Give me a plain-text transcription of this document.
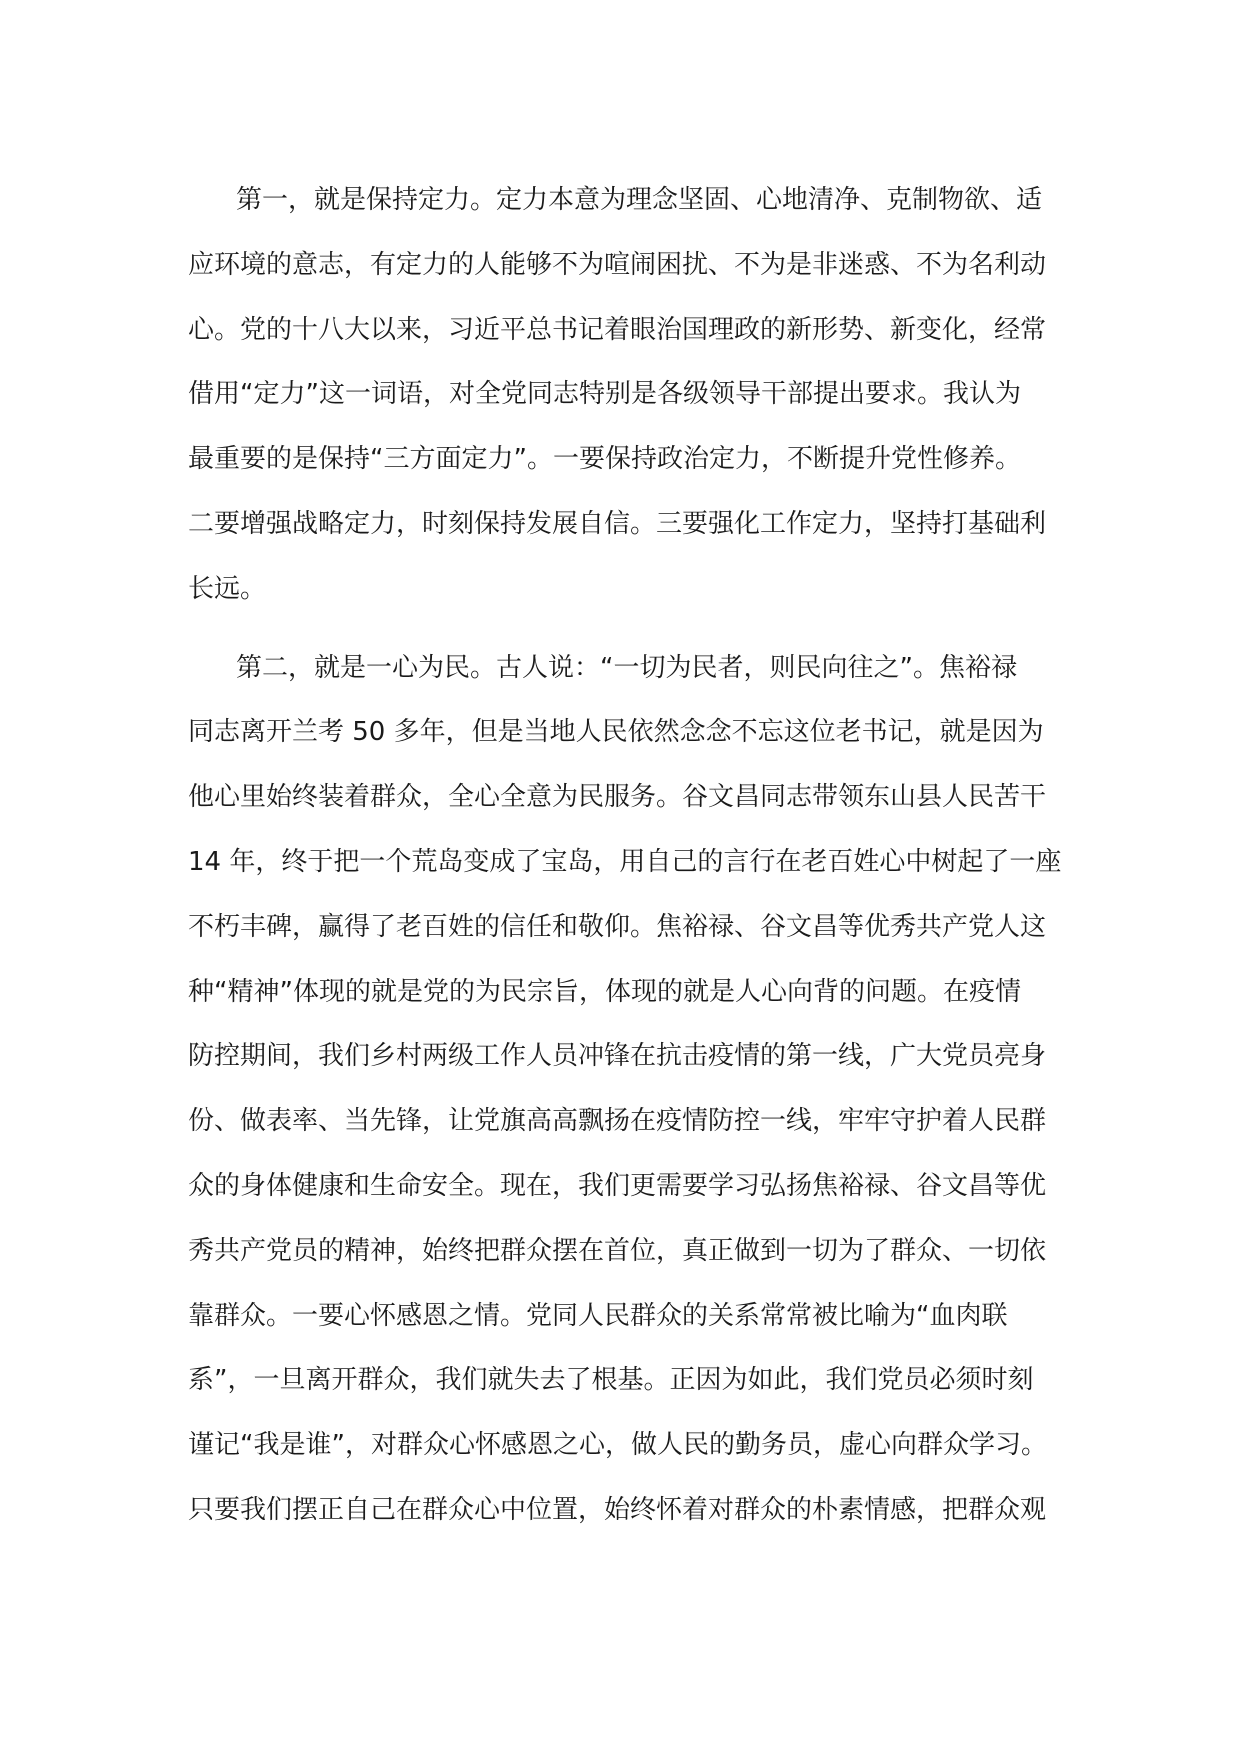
第一，就是保持定力。定力本意为理念坚固、心地清净、克制物欲、适
应环境的意志，有定力的人能够不为喧闹困扰、不为是非迷惑、不为名利动
心。党的十八大以来，习近平总书记着眼治国理政的新形势、新变化，经常
借用“定力”这一词语，对全党同志特别是各级领导干部提出要求。我认为
最重要的是保持“三方面定力”。一要保持政治定力，不断提升党性修养。
二要增强战略定力，时刻保持发展自信。三要强化工作定力，坚持打基础利
长远。

第二，就是一心为民。古人说：“一切为民者，则民向往之”。焦裕禄
同志离开兰考 50 多年，但是当地人民依然念念不忘这位老书记，就是因为
他心里始终装着群众，全心全意为民服务。谷文昌同志带领东山县人民苦干
14 年，终于把一个荒岛变成了宝岛，用自己的言行在老百姓心中树起了一座
不朽丰碑，赢得了老百姓的信任和敬仰。焦裕禄、谷文昌等优秀共产党人这
种“精神”体现的就是党的为民宗旨，体现的就是人心向背的问题。在疫情
防控期间，我们乡村两级工作人员冲锋在抗击疫情的第一线，广大党员亮身
份、做表率、当先锋，让党旗高高飘扬在疫情防控一线，牢牢守护着人民群
众的身体健康和生命安全。现在，我们更需要学习弘扬焦裕禄、谷文昌等优
秀共产党员的精神，始终把群众摆在首位，真正做到一切为了群众、一切依
靠群众。一要心怀感恩之情。党同人民群众的关系常常被比喻为“血肉联
系”，一旦离开群众，我们就失去了根基。正因为如此，我们党员必须时刻
谨记“我是谁”，对群众心怀感恩之心，做人民的勤务员，虚心向群众学习。
只要我们摆正自己在群众心中位置，始终怀着对群众的朴素情感，把群众观
